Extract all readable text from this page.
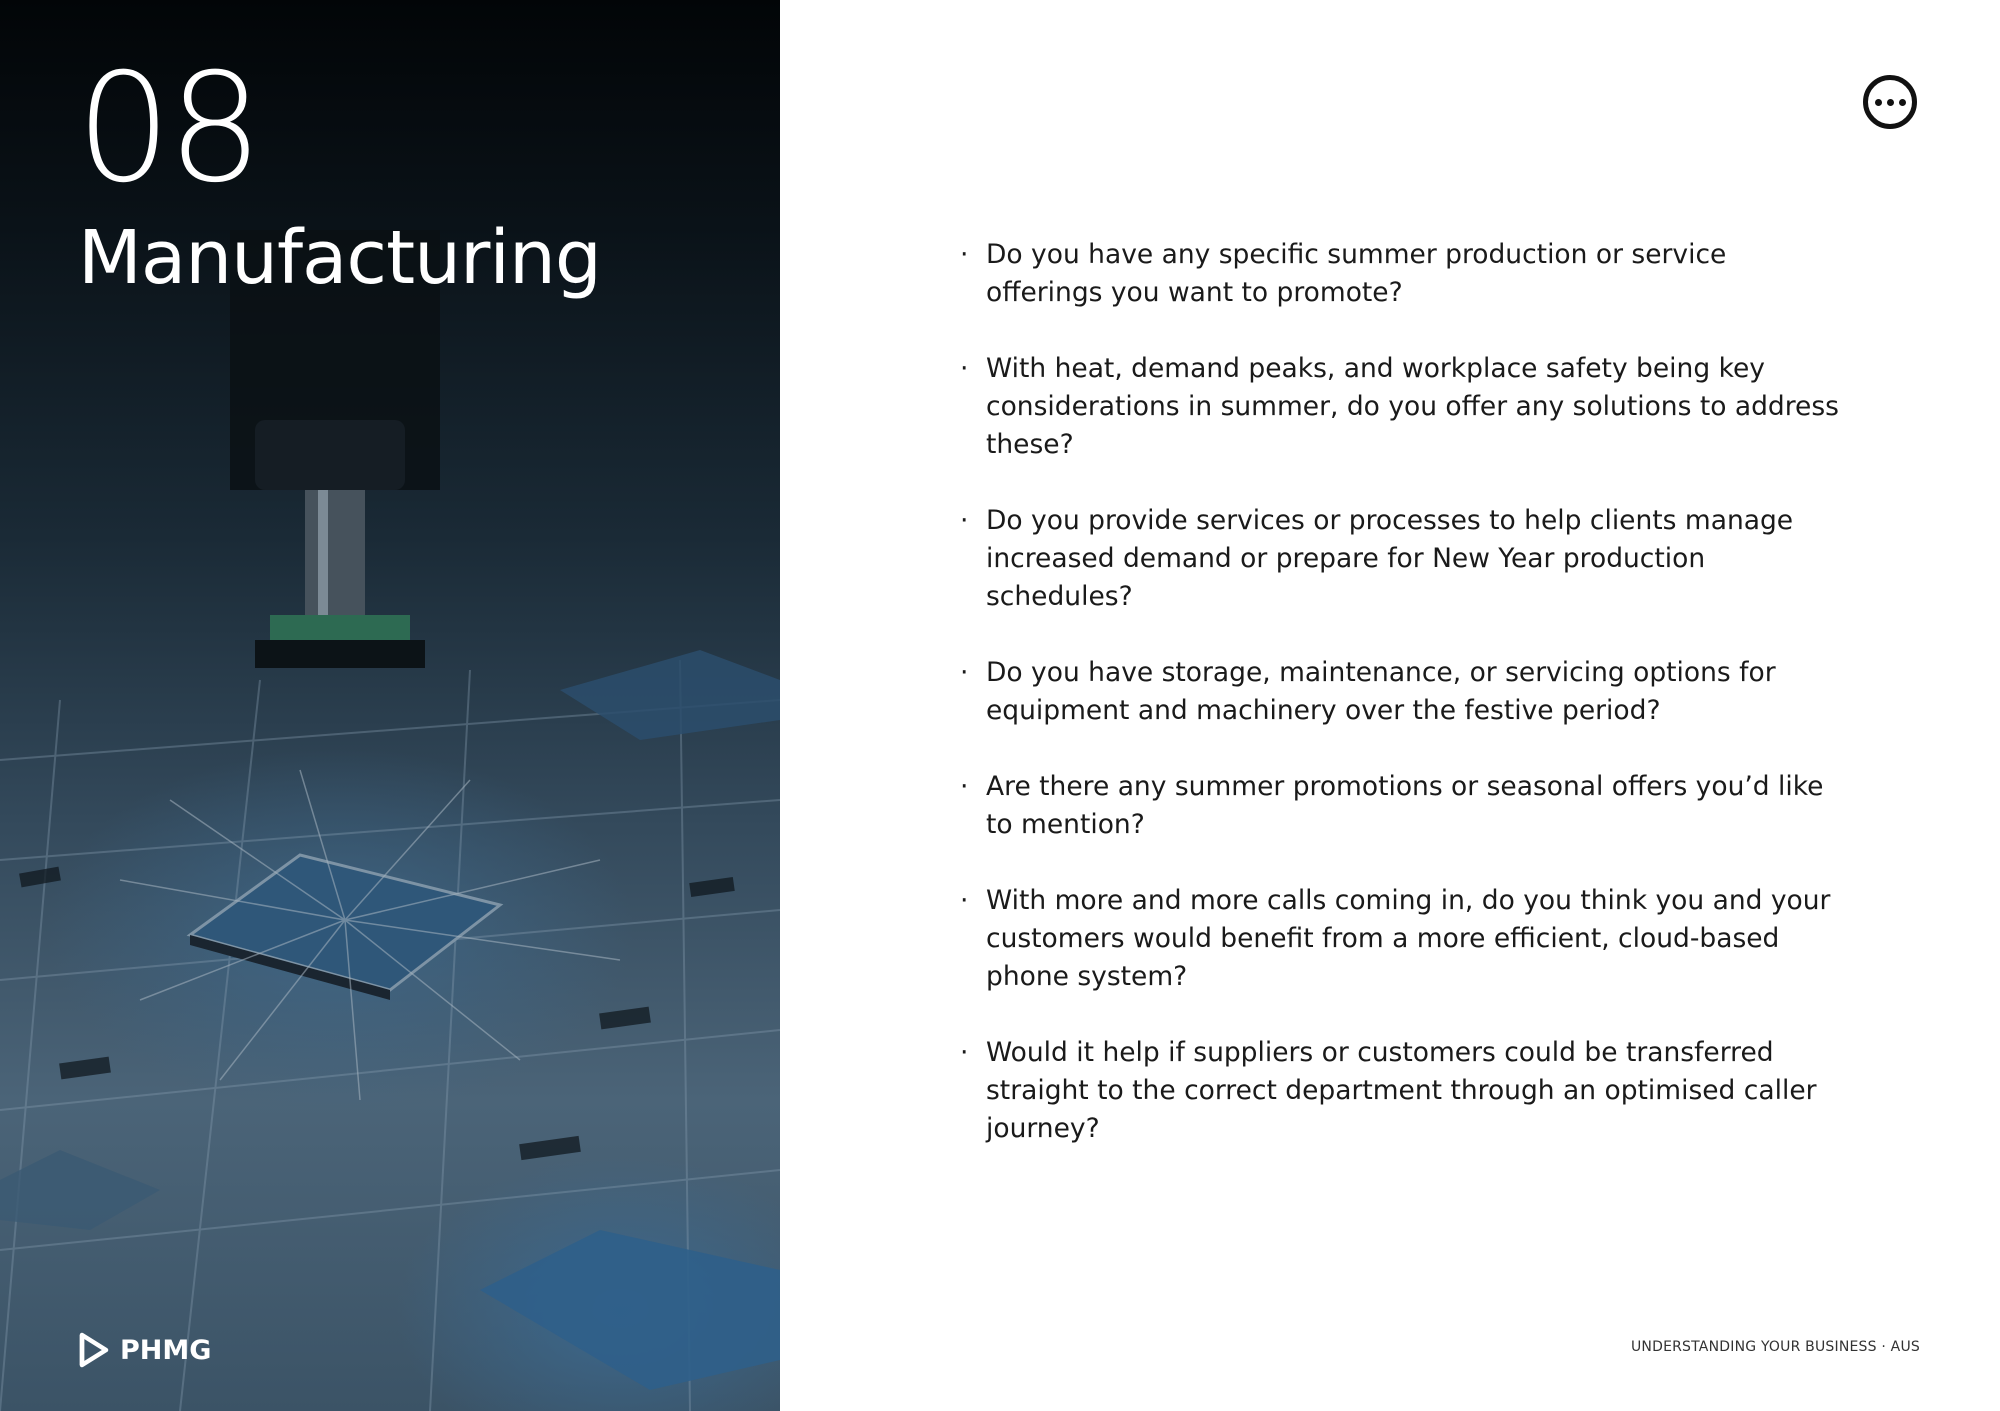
08
Manufacturing
PHMG
· Do you have any specific summer production or service offerings you want to promote?
· With heat, demand peaks, and workplace safety being key considerations in summer, do you offer any solutions to address these?
· Do you provide services or processes to help clients manage increased demand or prepare for New Year production schedules?
· Do you have storage, maintenance, or servicing options for equipment and machinery over the festive period?
· Are there any summer promotions or seasonal offers you’d like to mention?
· With more and more calls coming in, do you think you and your customers would benefit from a more efficient, cloud-based phone system?
· Would it help if suppliers or customers could be transferred straight to the correct department through an optimised caller journey?

UNDERSTANDING YOUR BUSINESS · AUS
